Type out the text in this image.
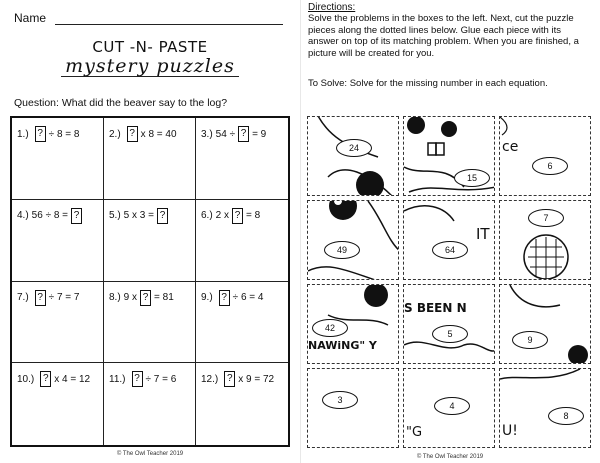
Name
CUT -N- PASTE
mystery puzzles
Question: What did the beaver say to the log?
1.) ? ÷ 8 = 8	2.) ? x 8 = 40 3.) 54 ÷ ? = 9
4.) 56 ÷ 8 = ?	5.) 5 x 3 = ?	6.) 2 x ? = 8
7.) ? ÷ 7 = 7	8.) 9 x ? = 81	9.) ? ÷ 6 = 4
10.) ? x 4 = 12 11.) ? ÷ 7 = 6 12.) ? x 9 = 72
© The Owl Teacher 2019
Directions:
Solve the problems in the boxes to the left. Next, cut the puzzle pieces along the dotted lines below. Glue each piece with its answer on top of its matching problem. When you are finished, a picture will be created for you.
To Solve: Solve for the missing number in each equation.
24
15
ce
6
49
IT
64
7
NAWiNG" Y
42
S BEEN N
5
9
3
"G
4
U!
8
© The Owl Teacher 2019
